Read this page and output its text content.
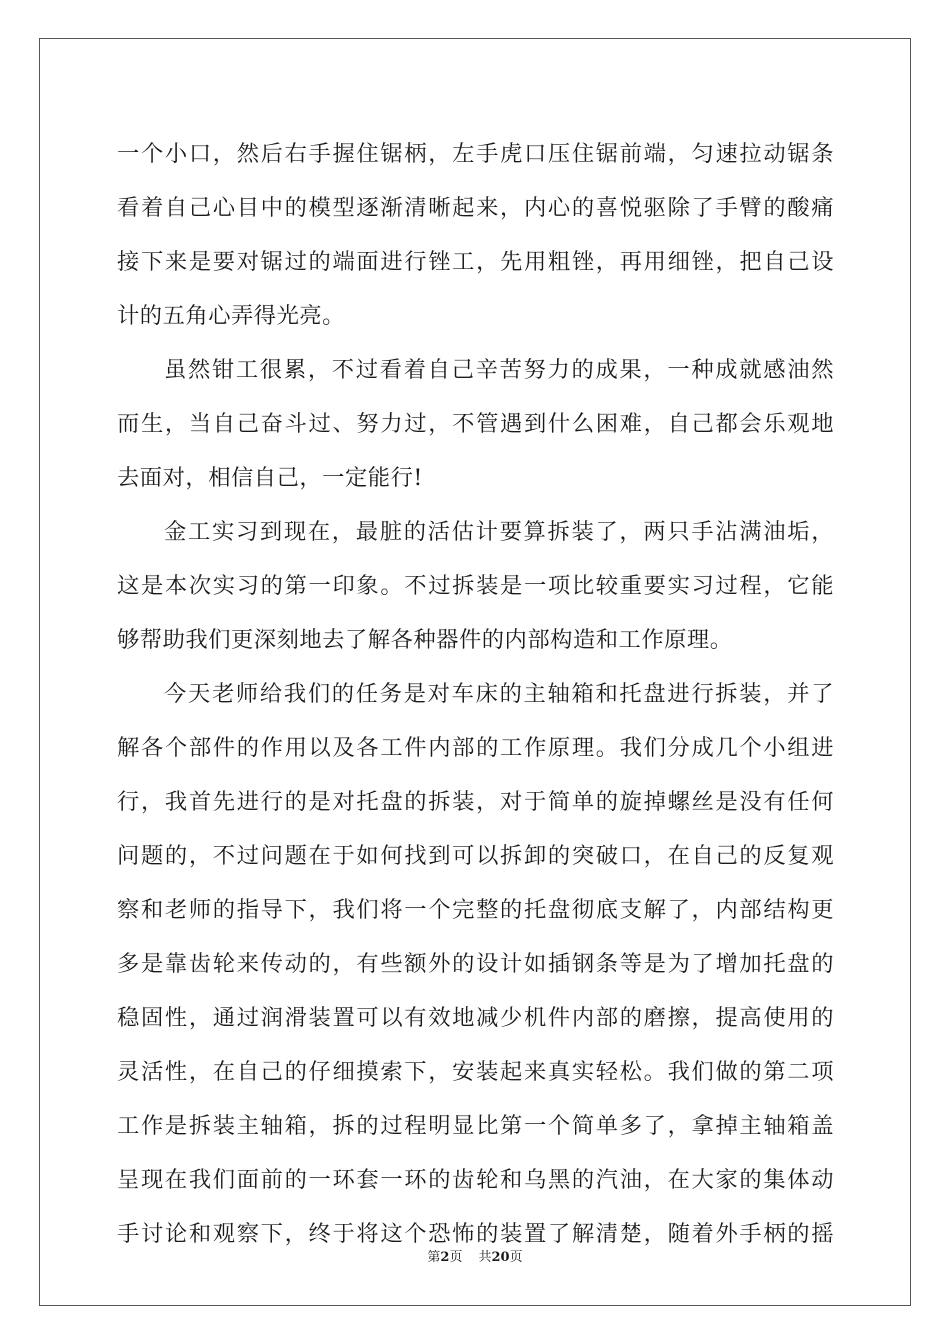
一个小口，然后右手握住锯柄，左手虎口压住锯前端，匀速拉动锯条
看着自己心目中的模型逐渐清晰起来，内心的喜悦驱除了手臂的酸痛
接下来是要对锯过的端面进行锉工，先用粗锉，再用细锉，把自己设
计的五角心弄得光亮。
虽然钳工很累，不过看着自己辛苦努力的成果，一种成就感油然
而生，当自己奋斗过、努力过，不管遇到什么困难，自己都会乐观地
去面对，相信自己，一定能行!
金工实习到现在，最脏的活估计要算拆装了，两只手沾满油垢，
这是本次实习的第一印象。不过拆装是一项比较重要实习过程，它能
够帮助我们更深刻地去了解各种器件的内部构造和工作原理。
今天老师给我们的任务是对车床的主轴箱和托盘进行拆装，并了
解各个部件的作用以及各工件内部的工作原理。我们分成几个小组进
行，我首先进行的是对托盘的拆装，对于简单的旋掉螺丝是没有任何
问题的，不过问题在于如何找到可以拆卸的突破口，在自己的反复观
察和老师的指导下，我们将一个完整的托盘彻底支解了，内部结构更
多是靠齿轮来传动的，有些额外的设计如插钢条等是为了增加托盘的
稳固性，通过润滑装置可以有效地减少机件内部的磨擦，提高使用的
灵活性，在自己的仔细摸索下，安装起来真实轻松。我们做的第二项
工作是拆装主轴箱，拆的过程明显比第一个简单多了，拿掉主轴箱盖
呈现在我们面前的一环套一环的齿轮和乌黑的汽油，在大家的集体动
手讨论和观察下，终于将这个恐怖的装置了解清楚，随着外手柄的摇
第2页 共20页
